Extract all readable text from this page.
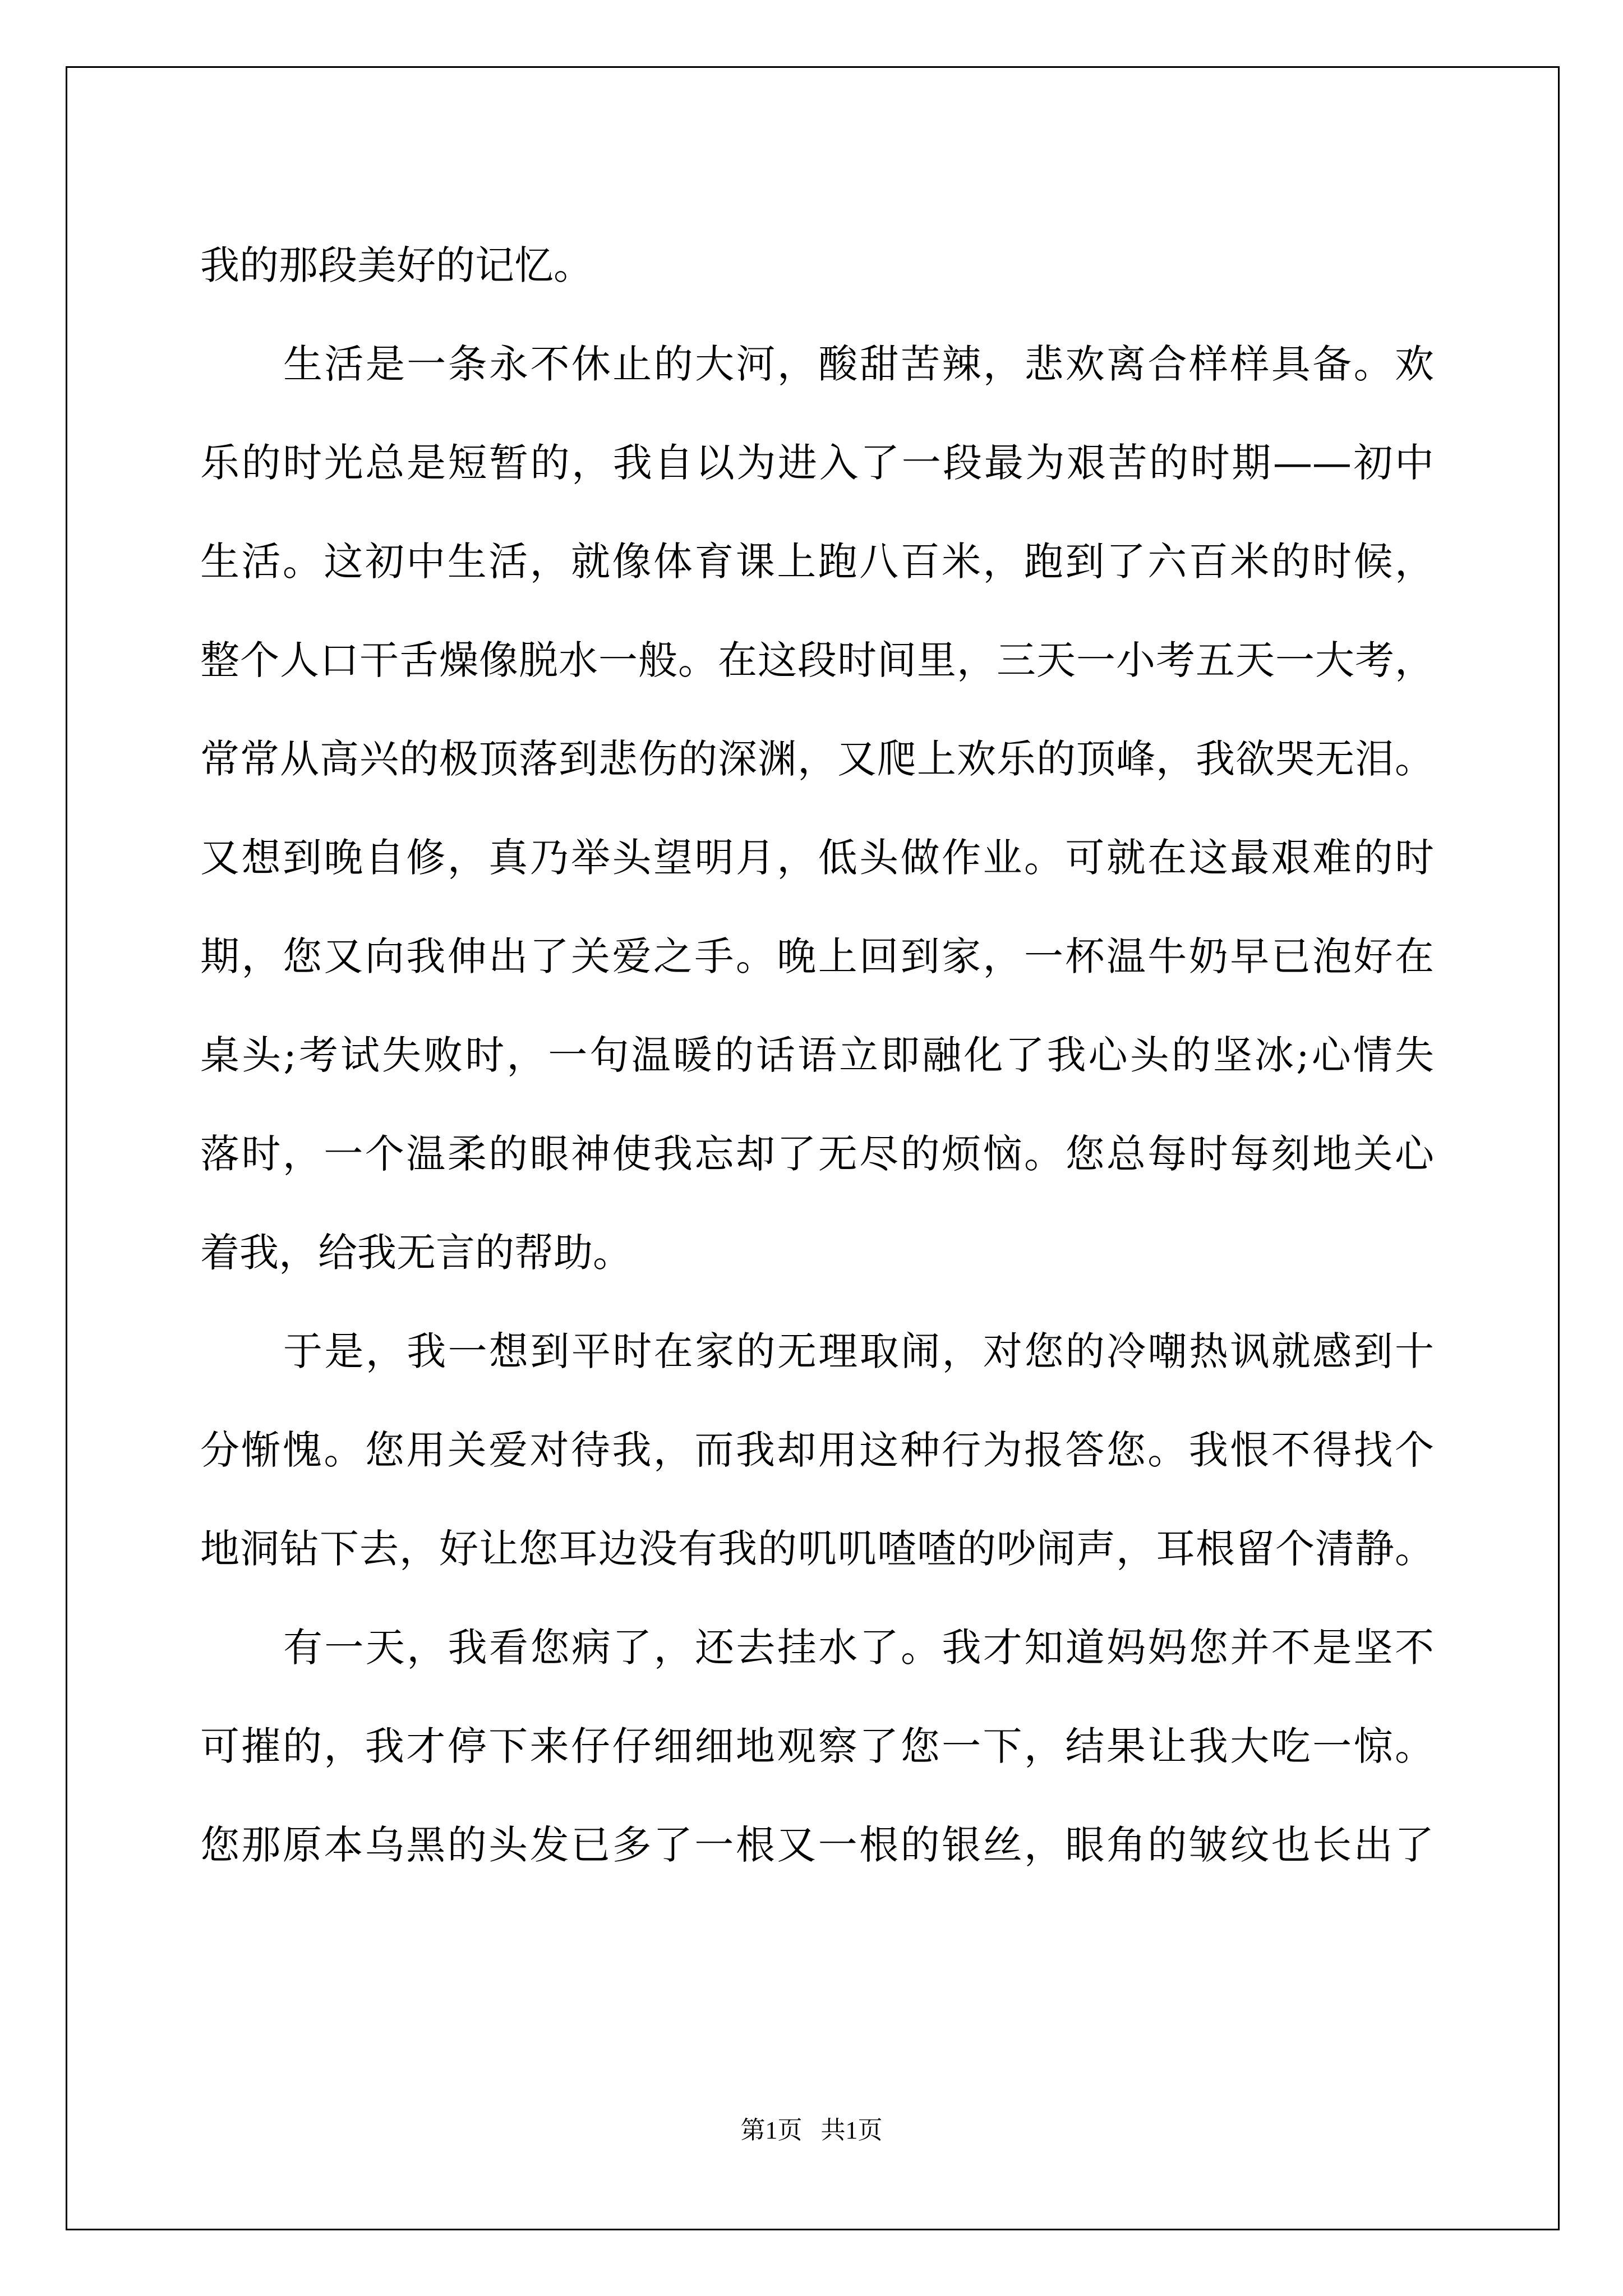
我的那段美好的记忆。

生活是一条永不休止的大河，酸甜苦辣，悲欢离合样样具备。欢

乐的时光总是短暂的，我自以为进入了一段最为艰苦的时期——初中

生活。这初中生活，就像体育课上跑八百米，跑到了六百米的时候，

整个人口干舌燥像脱水一般。在这段时间里，三天一小考五天一大考，

常常从高兴的极顶落到悲伤的深渊，又爬上欢乐的顶峰，我欲哭无泪。

又想到晚自修，真乃举头望明月，低头做作业。可就在这最艰难的时

期，您又向我伸出了关爱之手。晚上回到家，一杯温牛奶早已泡好在

桌头;考试失败时，一句温暖的话语立即融化了我心头的坚冰;心情失

落时，一个温柔的眼神使我忘却了无尽的烦恼。您总每时每刻地关心

着我，给我无言的帮助。

于是，我一想到平时在家的无理取闹，对您的冷嘲热讽就感到十

分惭愧。您用关爱对待我，而我却用这种行为报答您。我恨不得找个

地洞钻下去，好让您耳边没有我的叽叽喳喳的吵闹声，耳根留个清静。

有一天，我看您病了，还去挂水了。我才知道妈妈您并不是坚不

可摧的，我才停下来仔仔细细地观察了您一下，结果让我大吃一惊。

您那原本乌黑的头发已多了一根又一根的银丝，眼角的皱纹也长出了

第1页 共1页
